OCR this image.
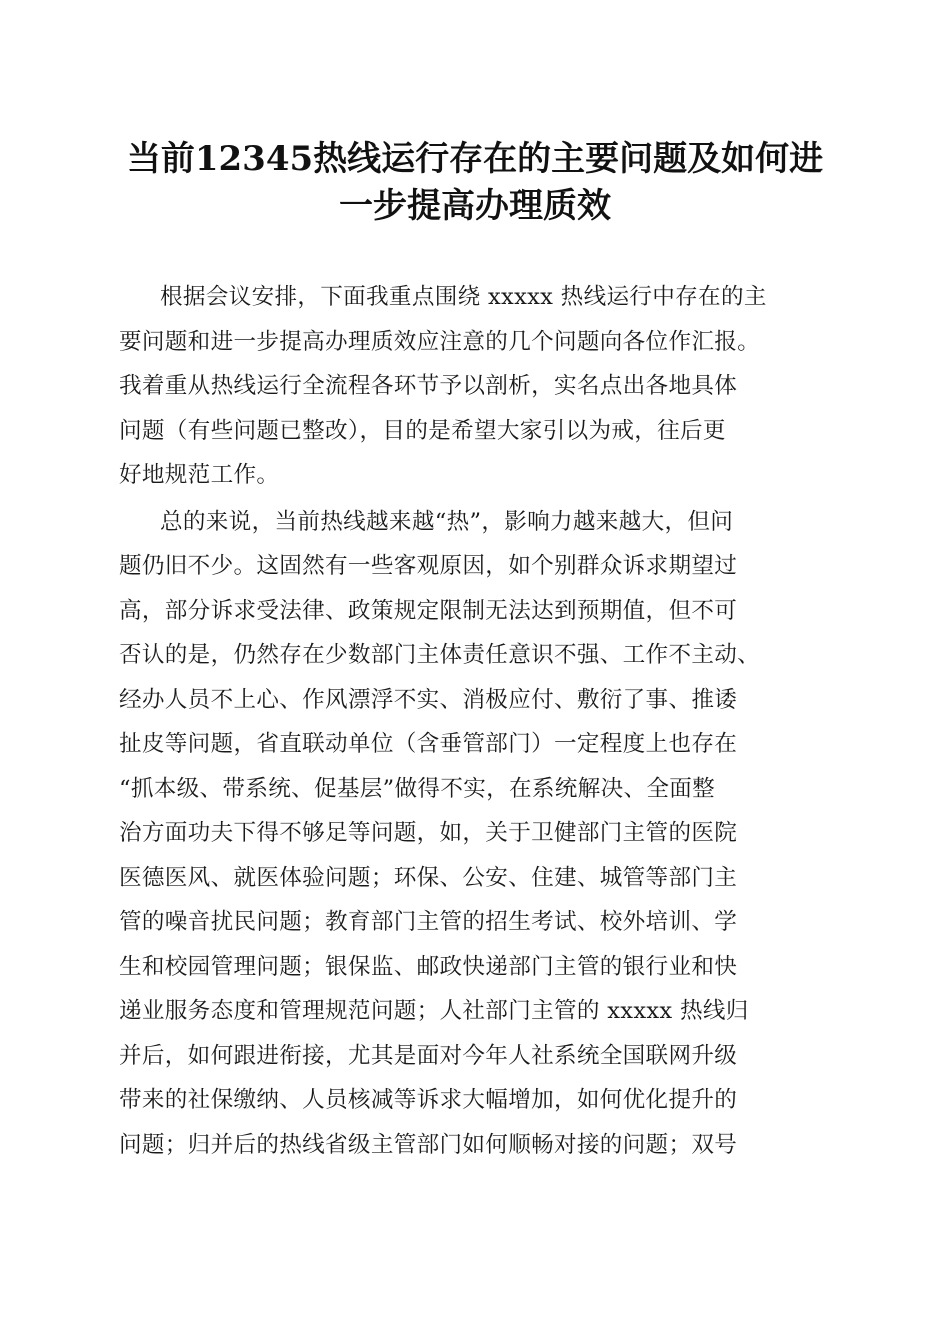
当前12345热线运行存在的主要问题及如何进
一步提高办理质效
根据会议安排，下面我重点围绕 xxxxx 热线运行中存在的主
要问题和进一步提高办理质效应注意的几个问题向各位作汇报。
我着重从热线运行全流程各环节予以剖析，实名点出各地具体
问题（有些问题已整改），目的是希望大家引以为戒，往后更
好地规范工作。
总的来说，当前热线越来越“热”，影响力越来越大，但问
题仍旧不少。这固然有一些客观原因，如个别群众诉求期望过
高，部分诉求受法律、政策规定限制无法达到预期值，但不可
否认的是，仍然存在少数部门主体责任意识不强、工作不主动、
经办人员不上心、作风漂浮不实、消极应付、敷衍了事、推诿
扯皮等问题，省直联动单位（含垂管部门）一定程度上也存在
“抓本级、带系统、促基层”做得不实，在系统解决、全面整
治方面功夫下得不够足等问题，如，关于卫健部门主管的医院
医德医风、就医体验问题；环保、公安、住建、城管等部门主
管的噪音扰民问题；教育部门主管的招生考试、校外培训、学
生和校园管理问题；银保监、邮政快递部门主管的银行业和快
递业服务态度和管理规范问题；人社部门主管的 xxxxx 热线归
并后，如何跟进衔接，尤其是面对今年人社系统全国联网升级
带来的社保缴纳、人员核减等诉求大幅增加，如何优化提升的
问题；归并后的热线省级主管部门如何顺畅对接的问题；双号
